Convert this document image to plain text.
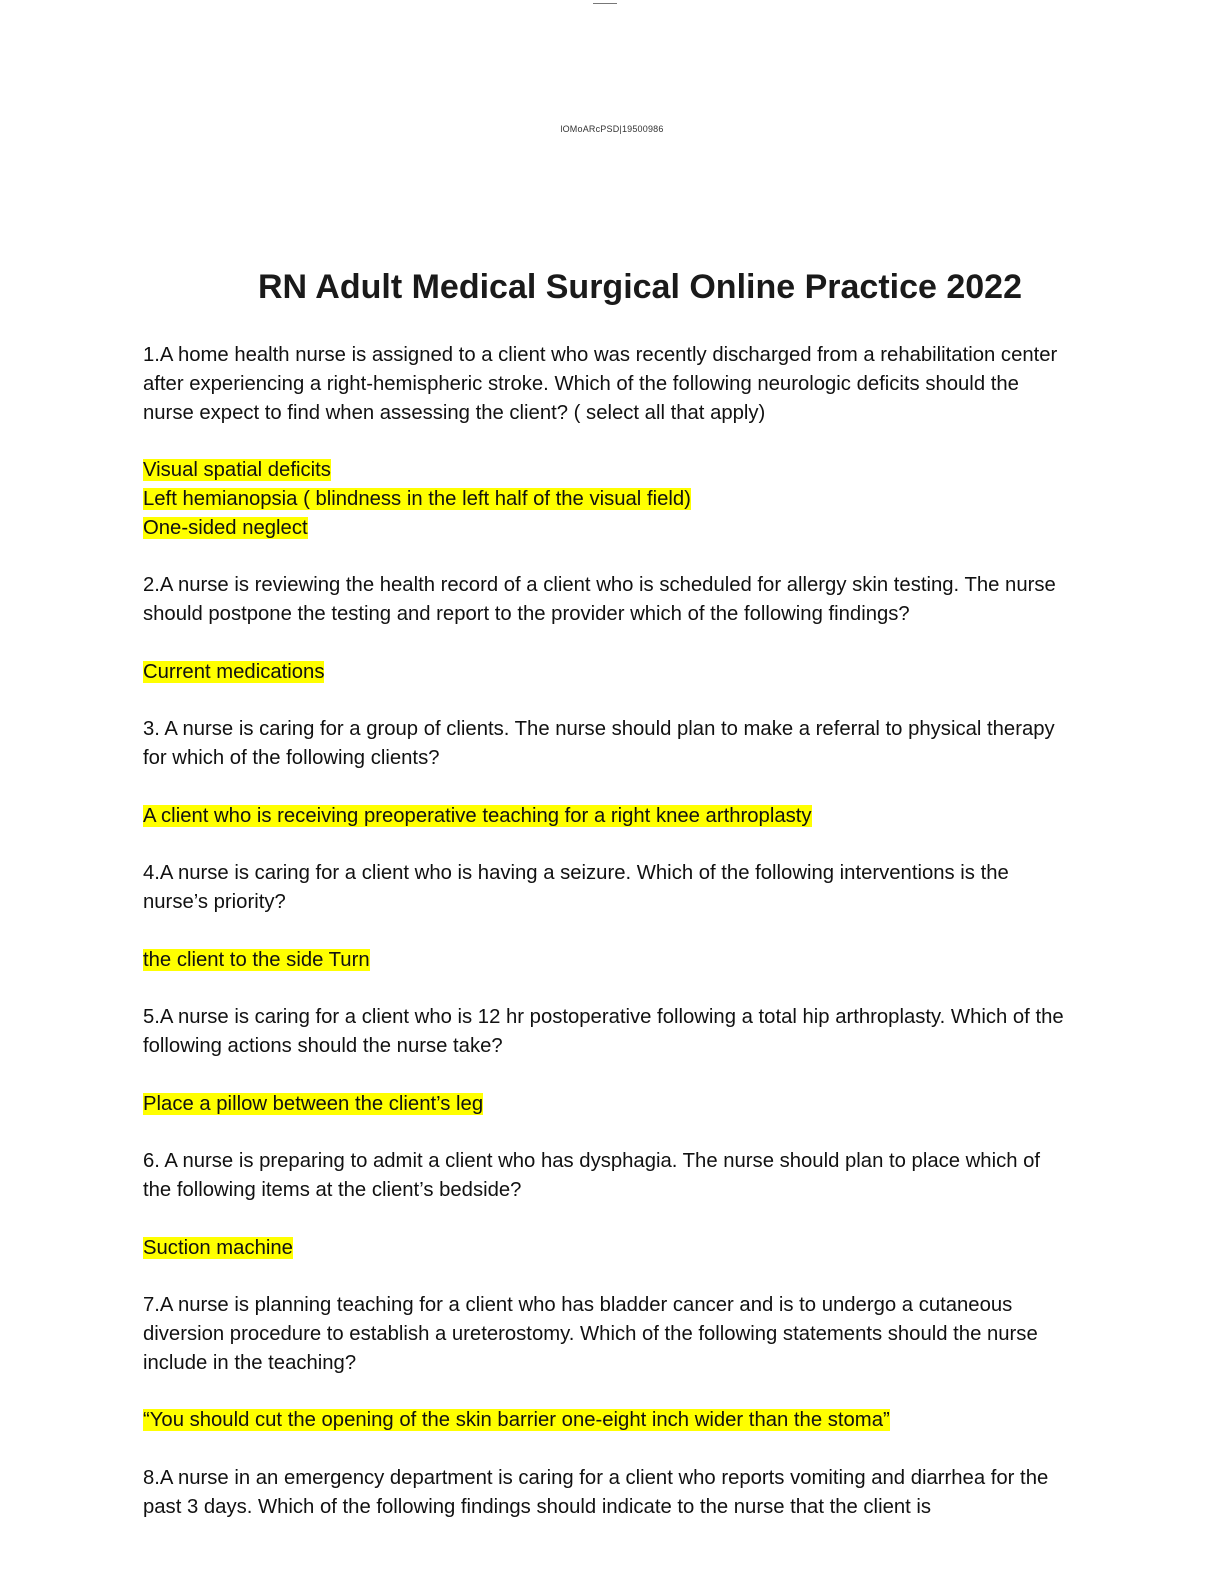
lOMoARcPSD|19500986
RN Adult Medical Surgical Online Practice 2022

1.A home health nurse is assigned to a client who was recently discharged from a rehabilitation center after experiencing a right-hemispheric stroke. Which of the following neurologic deficits should the nurse expect to find when assessing the client? ( select all that apply)

Visual spatial deficits
Left hemianopsia ( blindness in the left half of the visual field)
One-sided neglect

2.A nurse is reviewing the health record of a client who is scheduled for allergy skin testing. The nurse should postpone the testing and report to the provider which of the following findings?

Current medications

3. A nurse is caring for a group of clients. The nurse should plan to make a referral to physical therapy for which of the following clients?

A client who is receiving preoperative teaching for a right knee arthroplasty

4.A nurse is caring for a client who is having a seizure. Which of the following interventions is the nurse’s priority?

the client to the side Turn

5.A nurse is caring for a client who is 12 hr postoperative following a total hip arthroplasty. Which of the following actions should the nurse take?

Place a pillow between the client’s leg

6. A nurse is preparing to admit a client who has dysphagia. The nurse should plan to place which of the following items at the client’s bedside?

Suction machine

7.A nurse is planning teaching for a client who has bladder cancer and is to undergo a cutaneous diversion procedure to establish a ureterostomy. Which of the following statements should the nurse include in the teaching?

“You should cut the opening of the skin barrier one-eight inch wider than the stoma”

8.A nurse in an emergency department is caring for a client who reports vomiting and diarrhea for the past 3 days. Which of the following findings should indicate to the nurse that the client is
